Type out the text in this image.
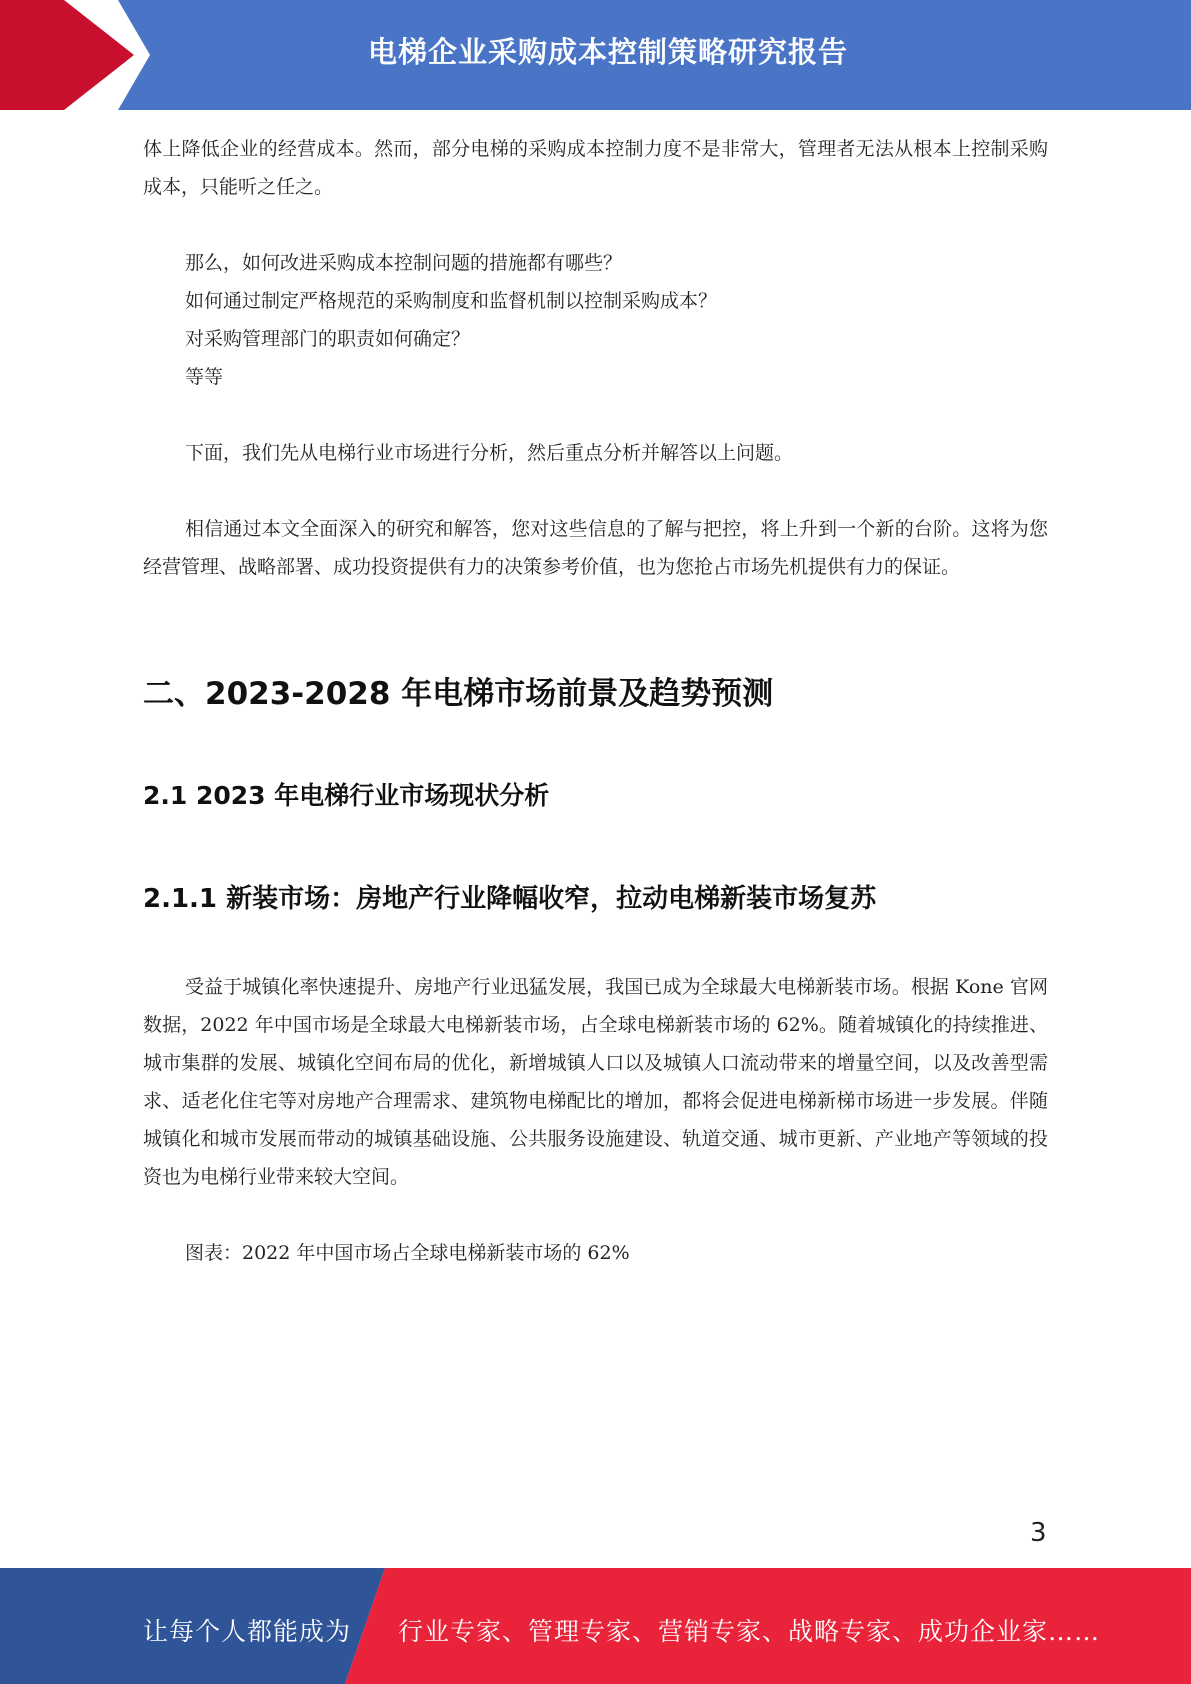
电梯企业采购成本控制策略研究报告

体上降低企业的经营成本。然而，部分电梯的采购成本控制力度不是非常大，管理者无法从根本上控制采购成本，只能听之任之。

那么，如何改进采购成本控制问题的措施都有哪些？

如何通过制定严格规范的采购制度和监督机制以控制采购成本？

对采购管理部门的职责如何确定？

等等

下面，我们先从电梯行业市场进行分析，然后重点分析并解答以上问题。

相信通过本文全面深入的研究和解答，您对这些信息的了解与把控，将上升到一个新的台阶。这将为您经营管理、战略部署、成功投资提供有力的决策参考价值，也为您抢占市场先机提供有力的保证。

二、2023-2028 年电梯市场前景及趋势预测
2.1 2023 年电梯行业市场现状分析
2.1.1 新装市场：房地产行业降幅收窄，拉动电梯新装市场复苏

受益于城镇化率快速提升、房地产行业迅猛发展，我国已成为全球最大电梯新装市场。根据 Kone 官网数据，2022 年中国市场是全球最大电梯新装市场，占全球电梯新装市场的 62%。随着城镇化的持续推进、城市集群的发展、城镇化空间布局的优化，新增城镇人口以及城镇人口流动带来的增量空间，以及改善型需求、适老化住宅等对房地产合理需求、建筑物电梯配比的增加，都将会促进电梯新梯市场进一步发展。伴随城镇化和城市发展而带动的城镇基础设施、公共服务设施建设、轨道交通、城市更新、产业地产等领域的投资也为电梯行业带来较大空间。

图表：2022 年中国市场占全球电梯新装市场的 62%

3
让每个人都能成为 行业专家、管理专家、营销专家、战略专家、成功企业家……
